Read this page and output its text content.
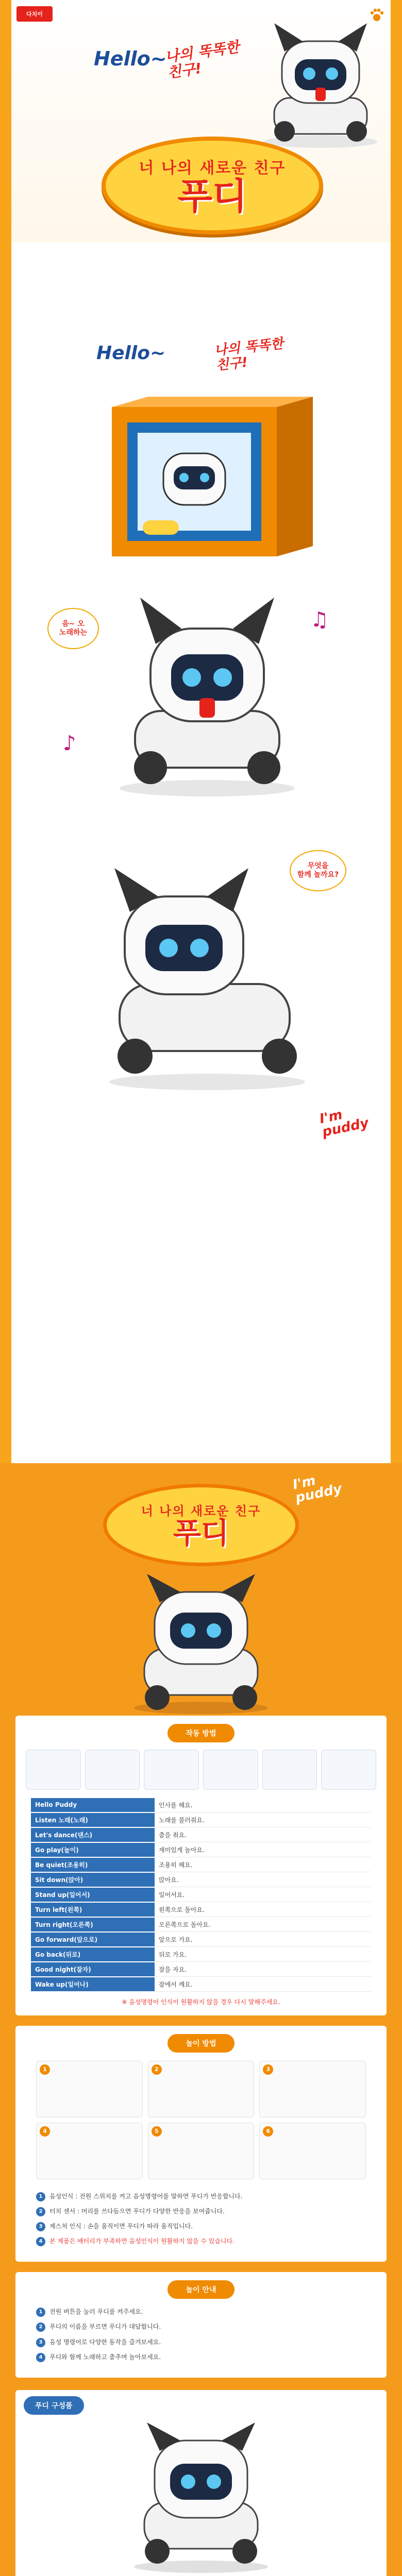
다치이
Hello~
나의 똑똑한
친구!
너 나의 새로운 친구
푸디
Hello~	나의 똑똑한
친구!
음~ 오
노래하는
무엇을
함께 놀까요?
♫
♪
I'm
puddy
너 나의 새로운 친구
푸디
I'm
puddy
작동 방법
Hello Puddy	인사를 해요.
Listen 노래(노래)	노래를 불러줘요.
Let's dance(댄스)	춤을 춰요.
Go play(놀이)	재미있게 놀아요.
Be quiet(조용히)	조용히 해요.
Sit down(앉아)	앉아요.
Stand up(일어서)	일어서요.
Turn left(왼쪽)	왼쪽으로 돌아요.
Turn right(오른쪽)	오른쪽으로 돌아요.
Go forward(앞으로)	앞으로 가요.
Go back(뒤로)	뒤로 가요.
Good night(잘자)	잠을 자요.
Wake up(일어나)	잠에서 깨요.

※ 음성명령어 인식이 원활하지 않을 경우 다시 말해주세요.

놀이 방법
1	2	3
4	5	6
1	음성인식 : 전원 스위치를 켜고 음성명령어를 말하면 푸디가 반응합니다.
2	터치 센서 : 머리를 쓰다듬으면 푸디가 다양한 반응을 보여줍니다.
3	제스처 인식 : 손을 움직이면 푸디가 따라 움직입니다.
4	본 제품은 배터리가 부족하면 음성인식이 원활하지 않을 수 있습니다.
놀이 안내
1	전원 버튼을 눌러 푸디를 켜주세요.
2	푸디의 이름을 부르면 푸디가 대답합니다.
3	음성 명령어로 다양한 동작을 즐겨보세요.
4	푸디와 함께 노래하고 춤추며 놀아보세요.
푸디 구성품
